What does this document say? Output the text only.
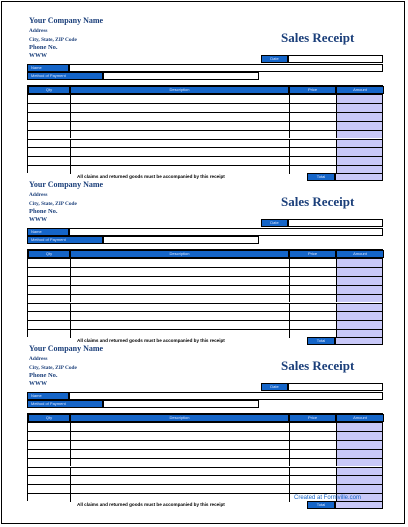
Your Company Name
Address
City, State, ZIP Code
Phone No.
WWW
Sales Receipt
Date
Name
Method of Payment
Qty	Description	Price	Amount
All claims and returned goods must be accompanied by this receipt	Total
Your Company Name
Address
City, State, ZIP Code
Phone No.
WWW
Sales Receipt
Date
Name
Method of Payment
Qty	Description	Price	Amount
All claims and returned goods must be accompanied by this receipt	Total
Your Company Name
Address
City, State, ZIP Code
Phone No.
WWW
Sales Receipt
Date
Name
Method of Payment
Qty	Description	Price	Amount
All claims and returned goods must be accompanied by this receipt	Total
Created at Formville.com
